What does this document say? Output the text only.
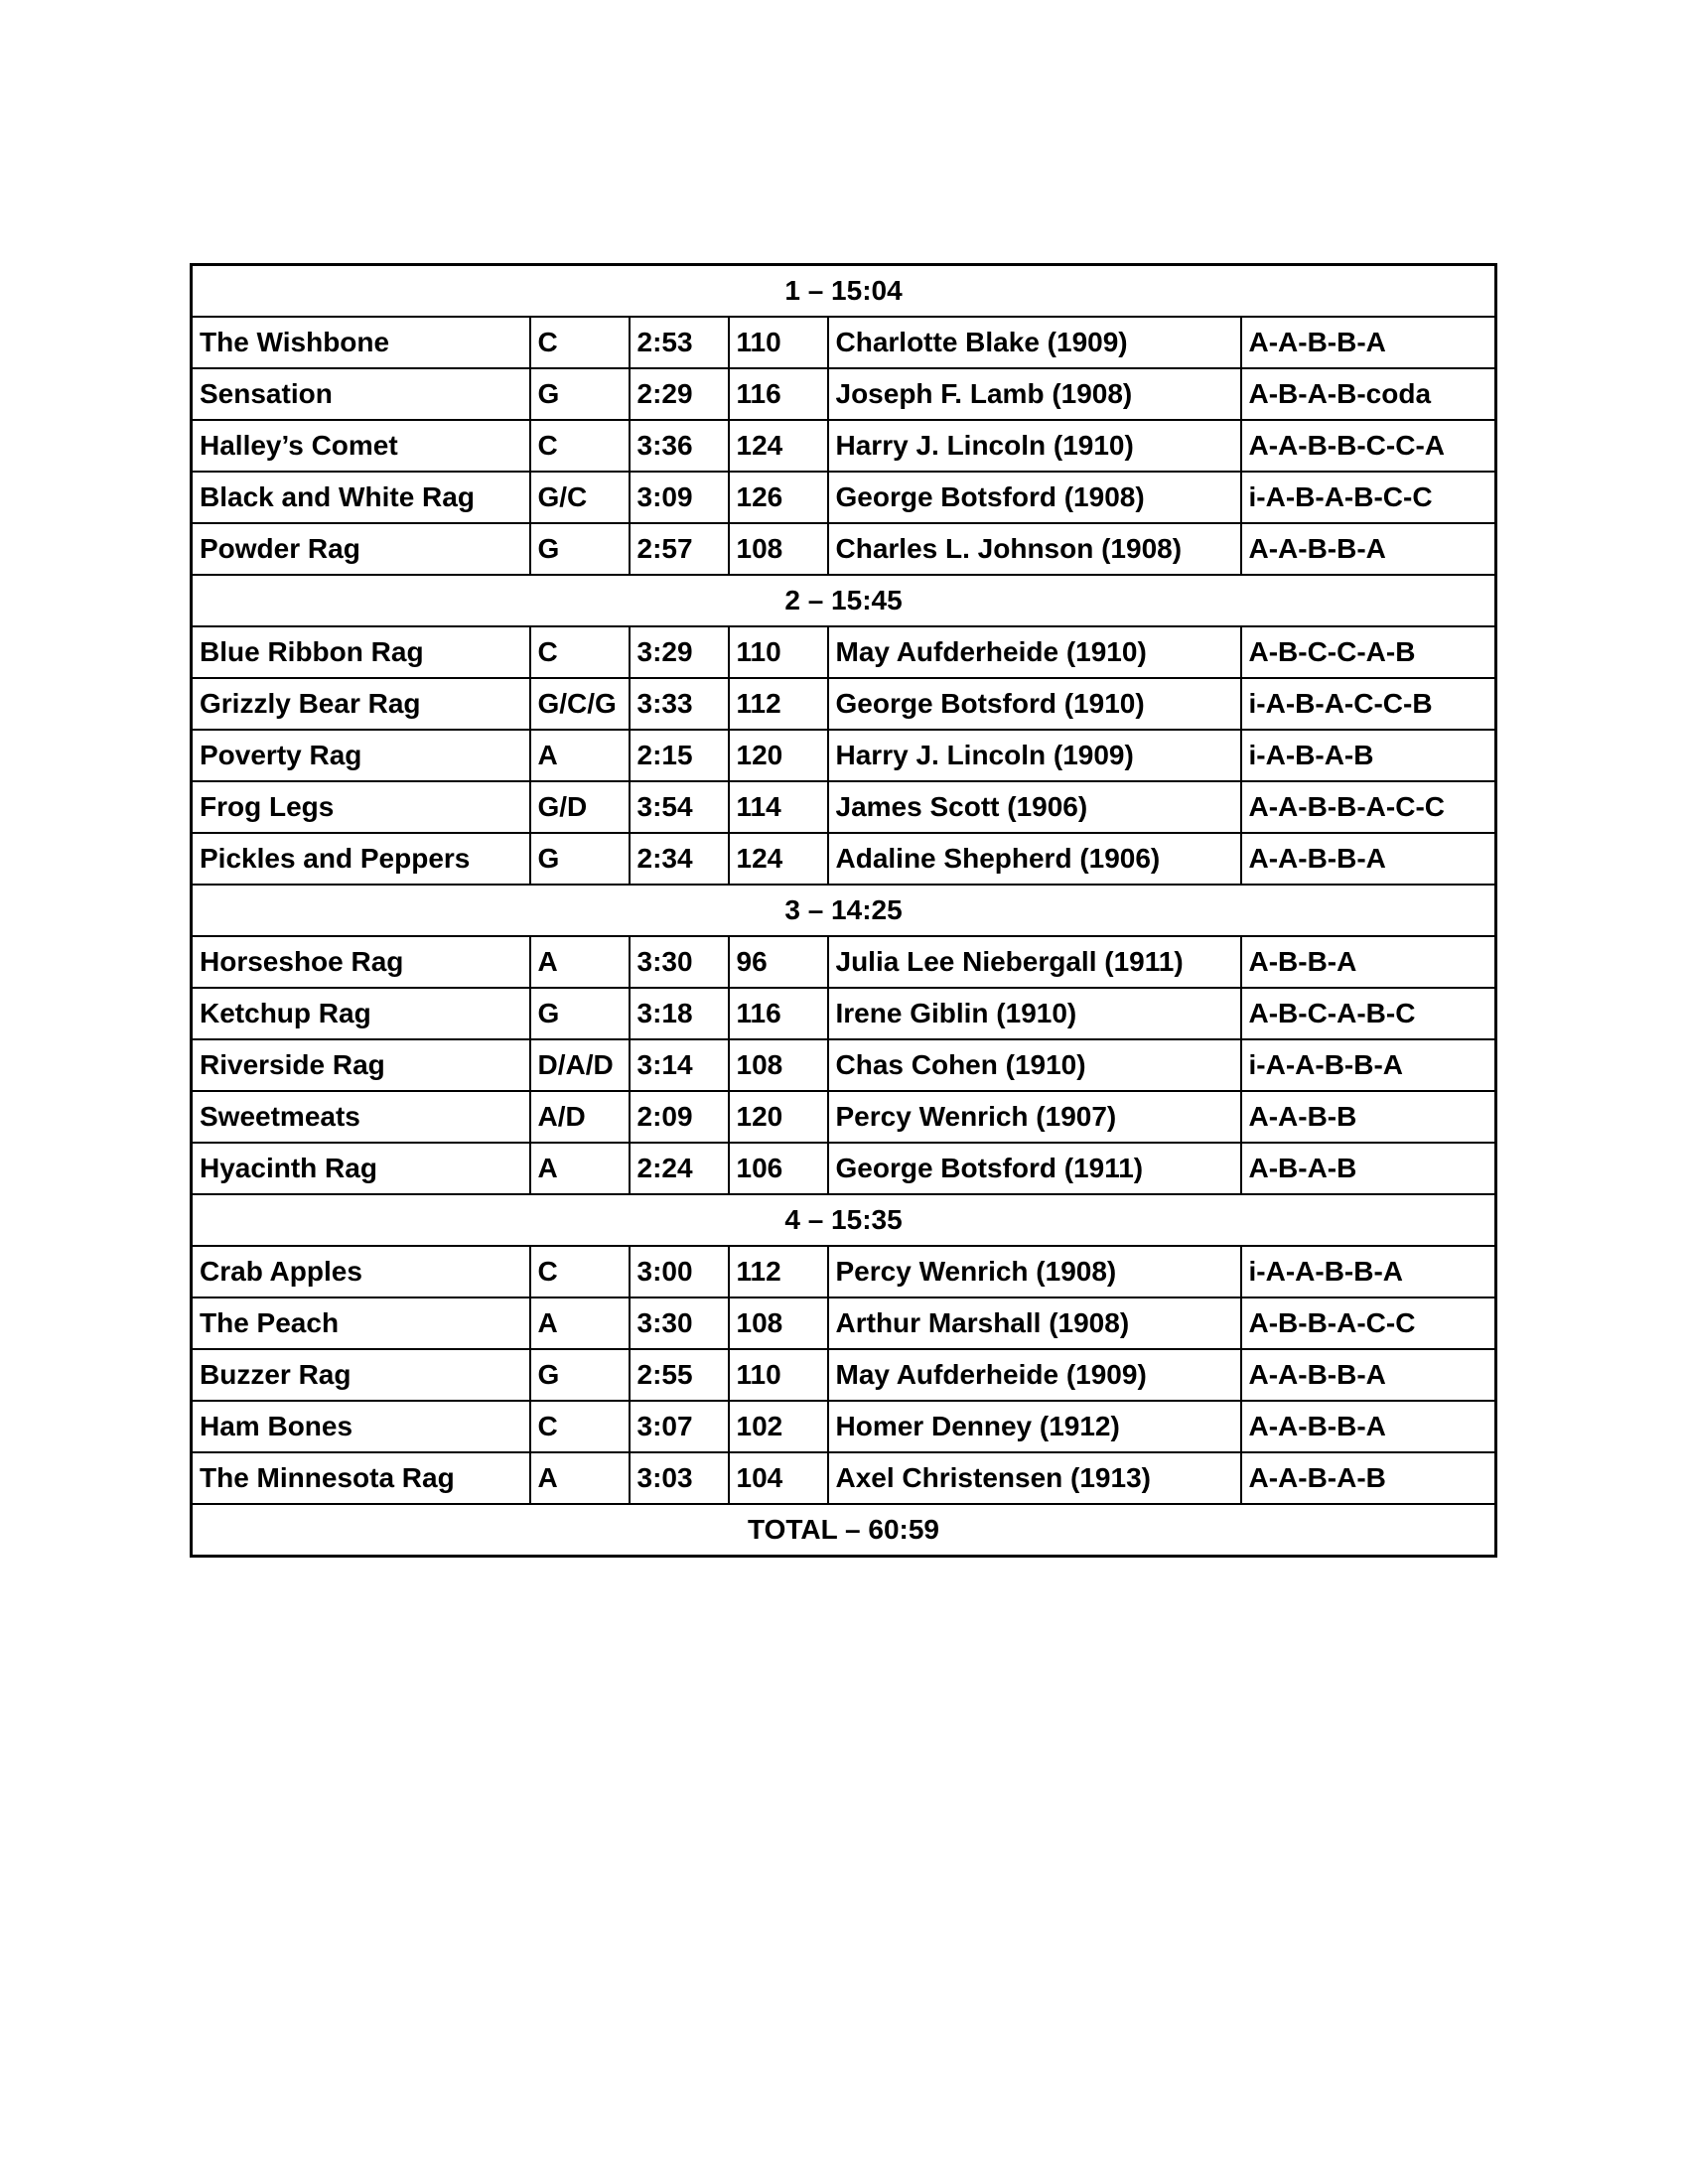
1 – 15:04					
The Wishbone	C	2:53	110	Charlotte Blake (1909)	A-A-B-B-A
Sensation	G	2:29	116	Joseph F. Lamb (1908)	A-B-A-B-coda
Halley’s Comet	C	3:36	124	Harry J. Lincoln (1910)	A-A-B-B-C-C-A
Black and White Rag	G/C	3:09	126	George Botsford (1908)	i-A-B-A-B-C-C
Powder Rag	G	2:57	108	Charles L. Johnson (1908)	A-A-B-B-A
2 – 15:45					
Blue Ribbon Rag	C	3:29	110	May Aufderheide (1910)	A-B-C-C-A-B
Grizzly Bear Rag	G/C/G	3:33	112	George Botsford (1910)	i-A-B-A-C-C-B
Poverty Rag	A	2:15	120	Harry J. Lincoln (1909)	i-A-B-A-B
Frog Legs	G/D	3:54	114	James Scott (1906)	A-A-B-B-A-C-C
Pickles and Peppers	G	2:34	124	Adaline Shepherd (1906)	A-A-B-B-A
3 – 14:25					
Horseshoe Rag	A	3:30	96	Julia Lee Niebergall (1911)	A-B-B-A
Ketchup Rag	G	3:18	116	Irene Giblin (1910)	A-B-C-A-B-C
Riverside Rag	D/A/D	3:14	108	Chas Cohen (1910)	i-A-A-B-B-A
Sweetmeats	A/D	2:09	120	Percy Wenrich (1907)	A-A-B-B
Hyacinth Rag	A	2:24	106	George Botsford (1911)	A-B-A-B
4 – 15:35					
Crab Apples	C	3:00	112	Percy Wenrich (1908)	i-A-A-B-B-A
The Peach	A	3:30	108	Arthur Marshall (1908)	A-B-B-A-C-C
Buzzer Rag	G	2:55	110	May Aufderheide (1909)	A-A-B-B-A
Ham Bones	C	3:07	102	Homer Denney (1912)	A-A-B-B-A
The Minnesota Rag	A	3:03	104	Axel Christensen (1913)	A-A-B-A-B
TOTAL – 60:59					
